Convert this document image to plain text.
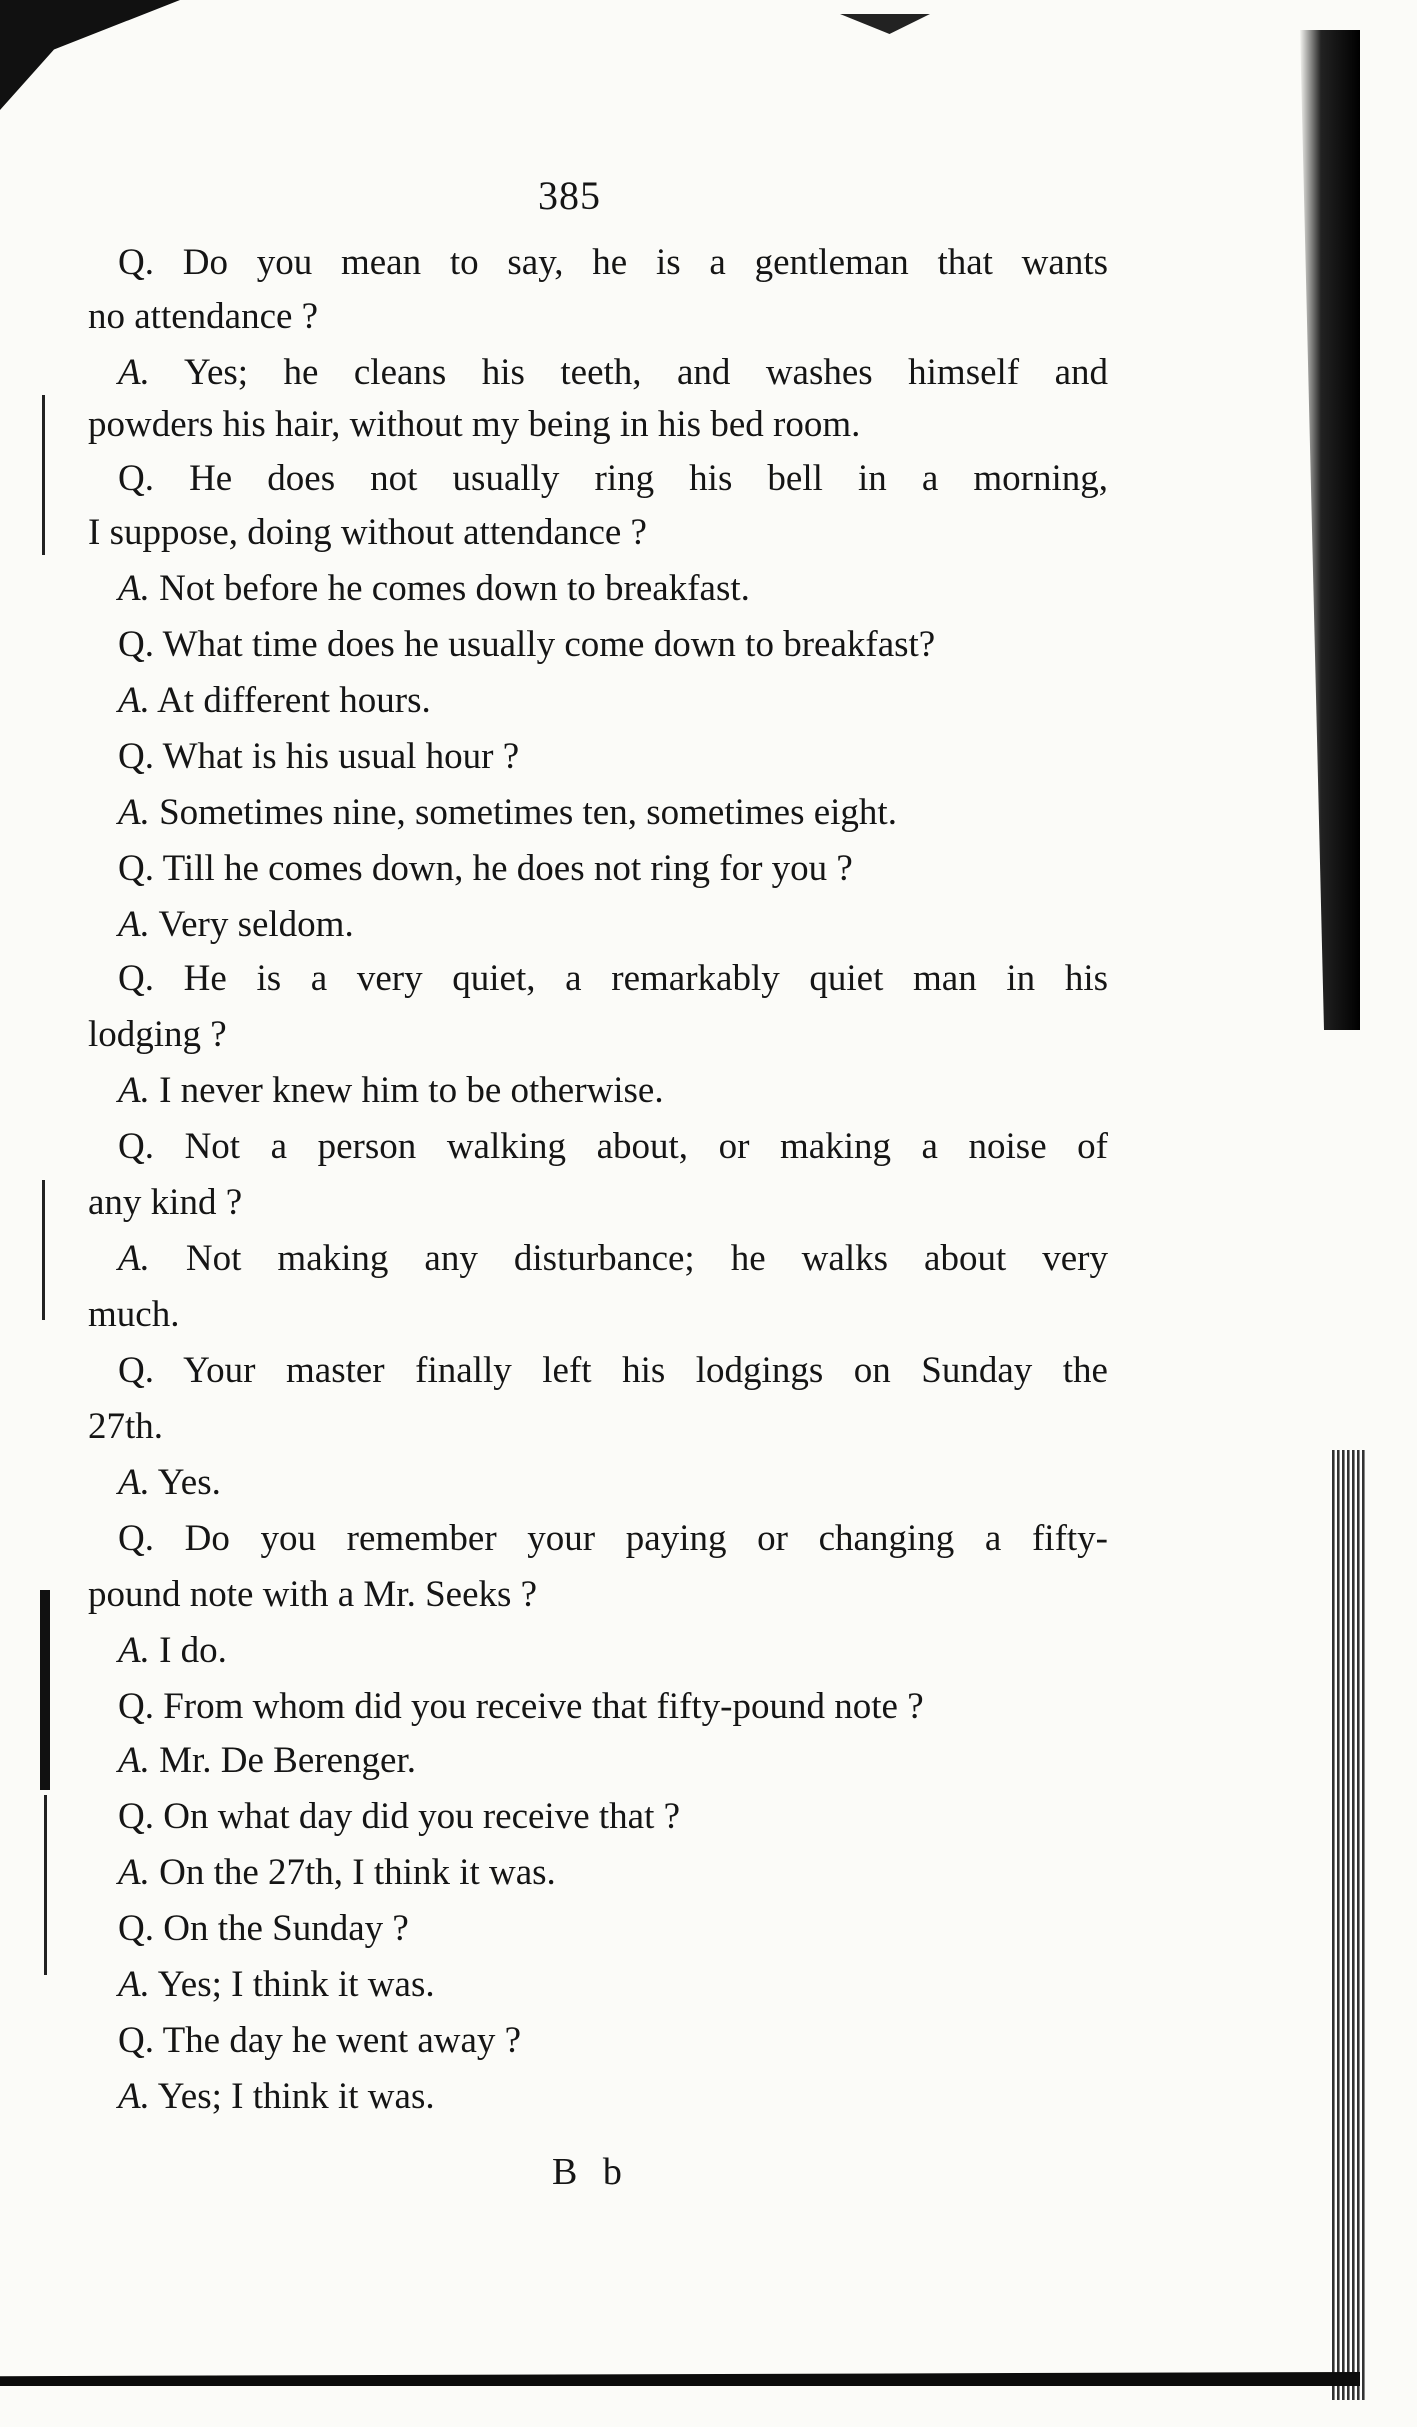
385
Q. Do you mean to say, he is a gentleman that wants
no attendance ?
A. Yes; he cleans his teeth, and washes himself and
powders his hair, without my being in his bed room.
Q. He does not usually ring his bell in a morning,
I suppose, doing without attendance ?
A. Not before he comes down to breakfast.
Q. What time does he usually come down to breakfast?
A. At different hours.
Q. What is his usual hour ?
A. Sometimes nine, sometimes ten, sometimes eight.
Q. Till he comes down, he does not ring for you ?
A. Very seldom.
Q. He is a very quiet, a remarkably quiet man in his
lodging ?
A. I never knew him to be otherwise.
Q. Not a person walking about, or making a noise of
any kind ?
A. Not making any disturbance; he walks about very
much.
Q. Your master finally left his lodgings on Sunday the
27th.
A. Yes.
Q. Do you remember your paying or changing a fifty-
pound note with a Mr. Seeks ?
A. I do.
Q. From whom did you receive that fifty-pound note ?
A. Mr. De Berenger.
Q. On what day did you receive that ?
A. On the 27th, I think it was.
Q. On the Sunday ?
A. Yes; I think it was.
Q. The day he went away ?
A. Yes; I think it was.
B b
